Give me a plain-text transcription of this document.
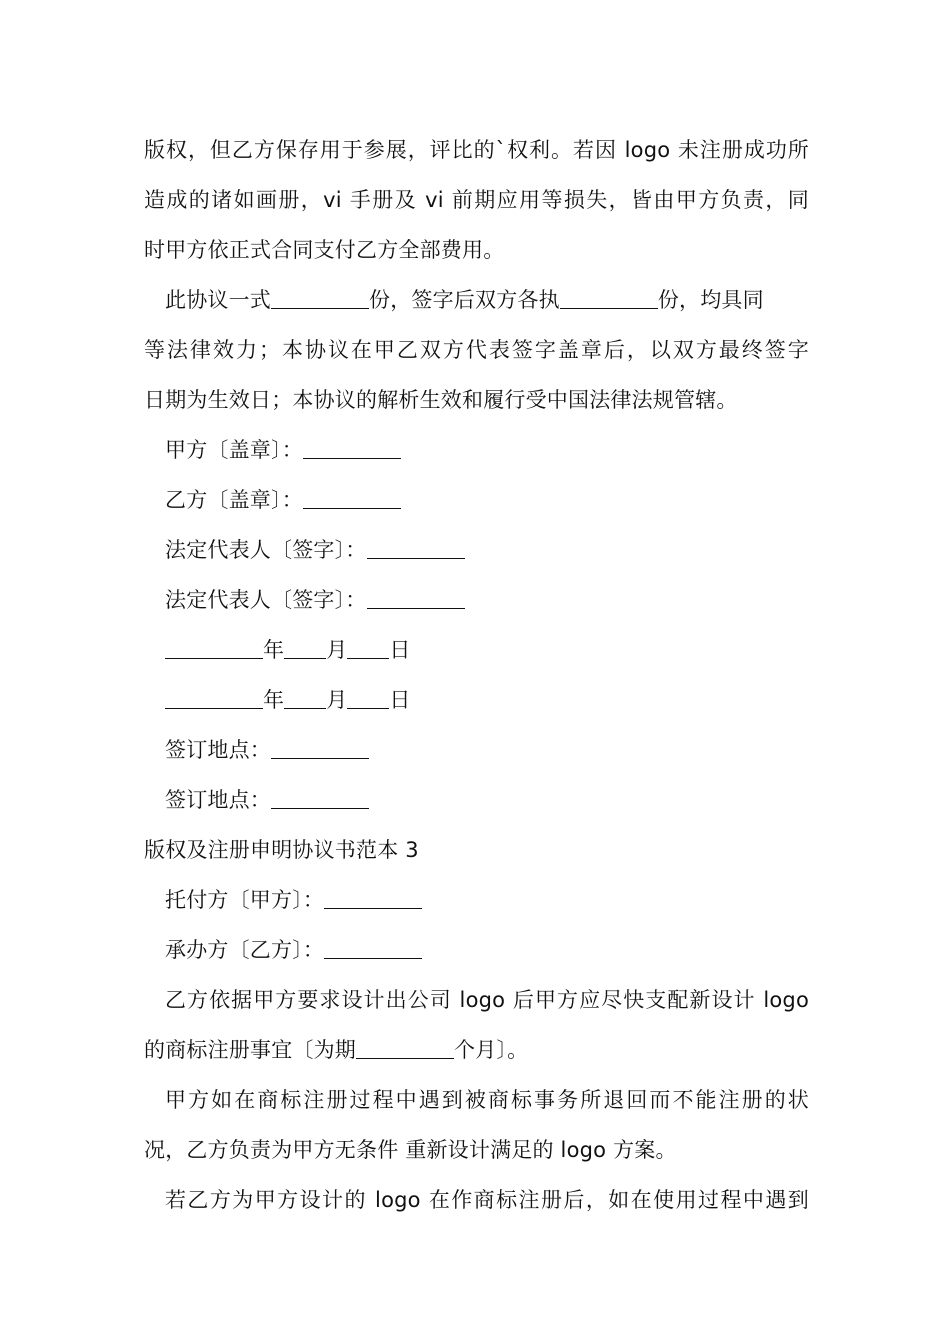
版权，但乙方保存用于参展，评比的`权利。若因 logo 未注册成功所
造成的诸如画册，vi 手册及 vi 前期应用等损失，皆由甲方负责，同
时甲方依正式合同支付乙方全部费用。
此协议一式	份，签字后双方各执	份，均具同
等法律效力；本协议在甲乙双方代表签字盖章后，以双方最终签字
日期为生效日；本协议的解析生效和履行受中国法律法规管辖。
甲方〔盖章〕：
乙方〔盖章〕：
法定代表人〔签字〕：
法定代表人〔签字〕：
年 月 日
年 月 日
签订地点：
签订地点：
版权及注册申明协议书范本 3
托付方〔甲方〕：
承办方〔乙方〕：
乙方依据甲方要求设计出公司 logo 后甲方应尽快支配新设计 logo
的商标注册事宜〔为期	个月〕。
甲方如在商标注册过程中遇到被商标事务所退回而不能注册的状
况，乙方负责为甲方无条件 重新设计满足的 logo 方案。
若乙方为甲方设计的 logo 在作商标注册后，如在使用过程中遇到
